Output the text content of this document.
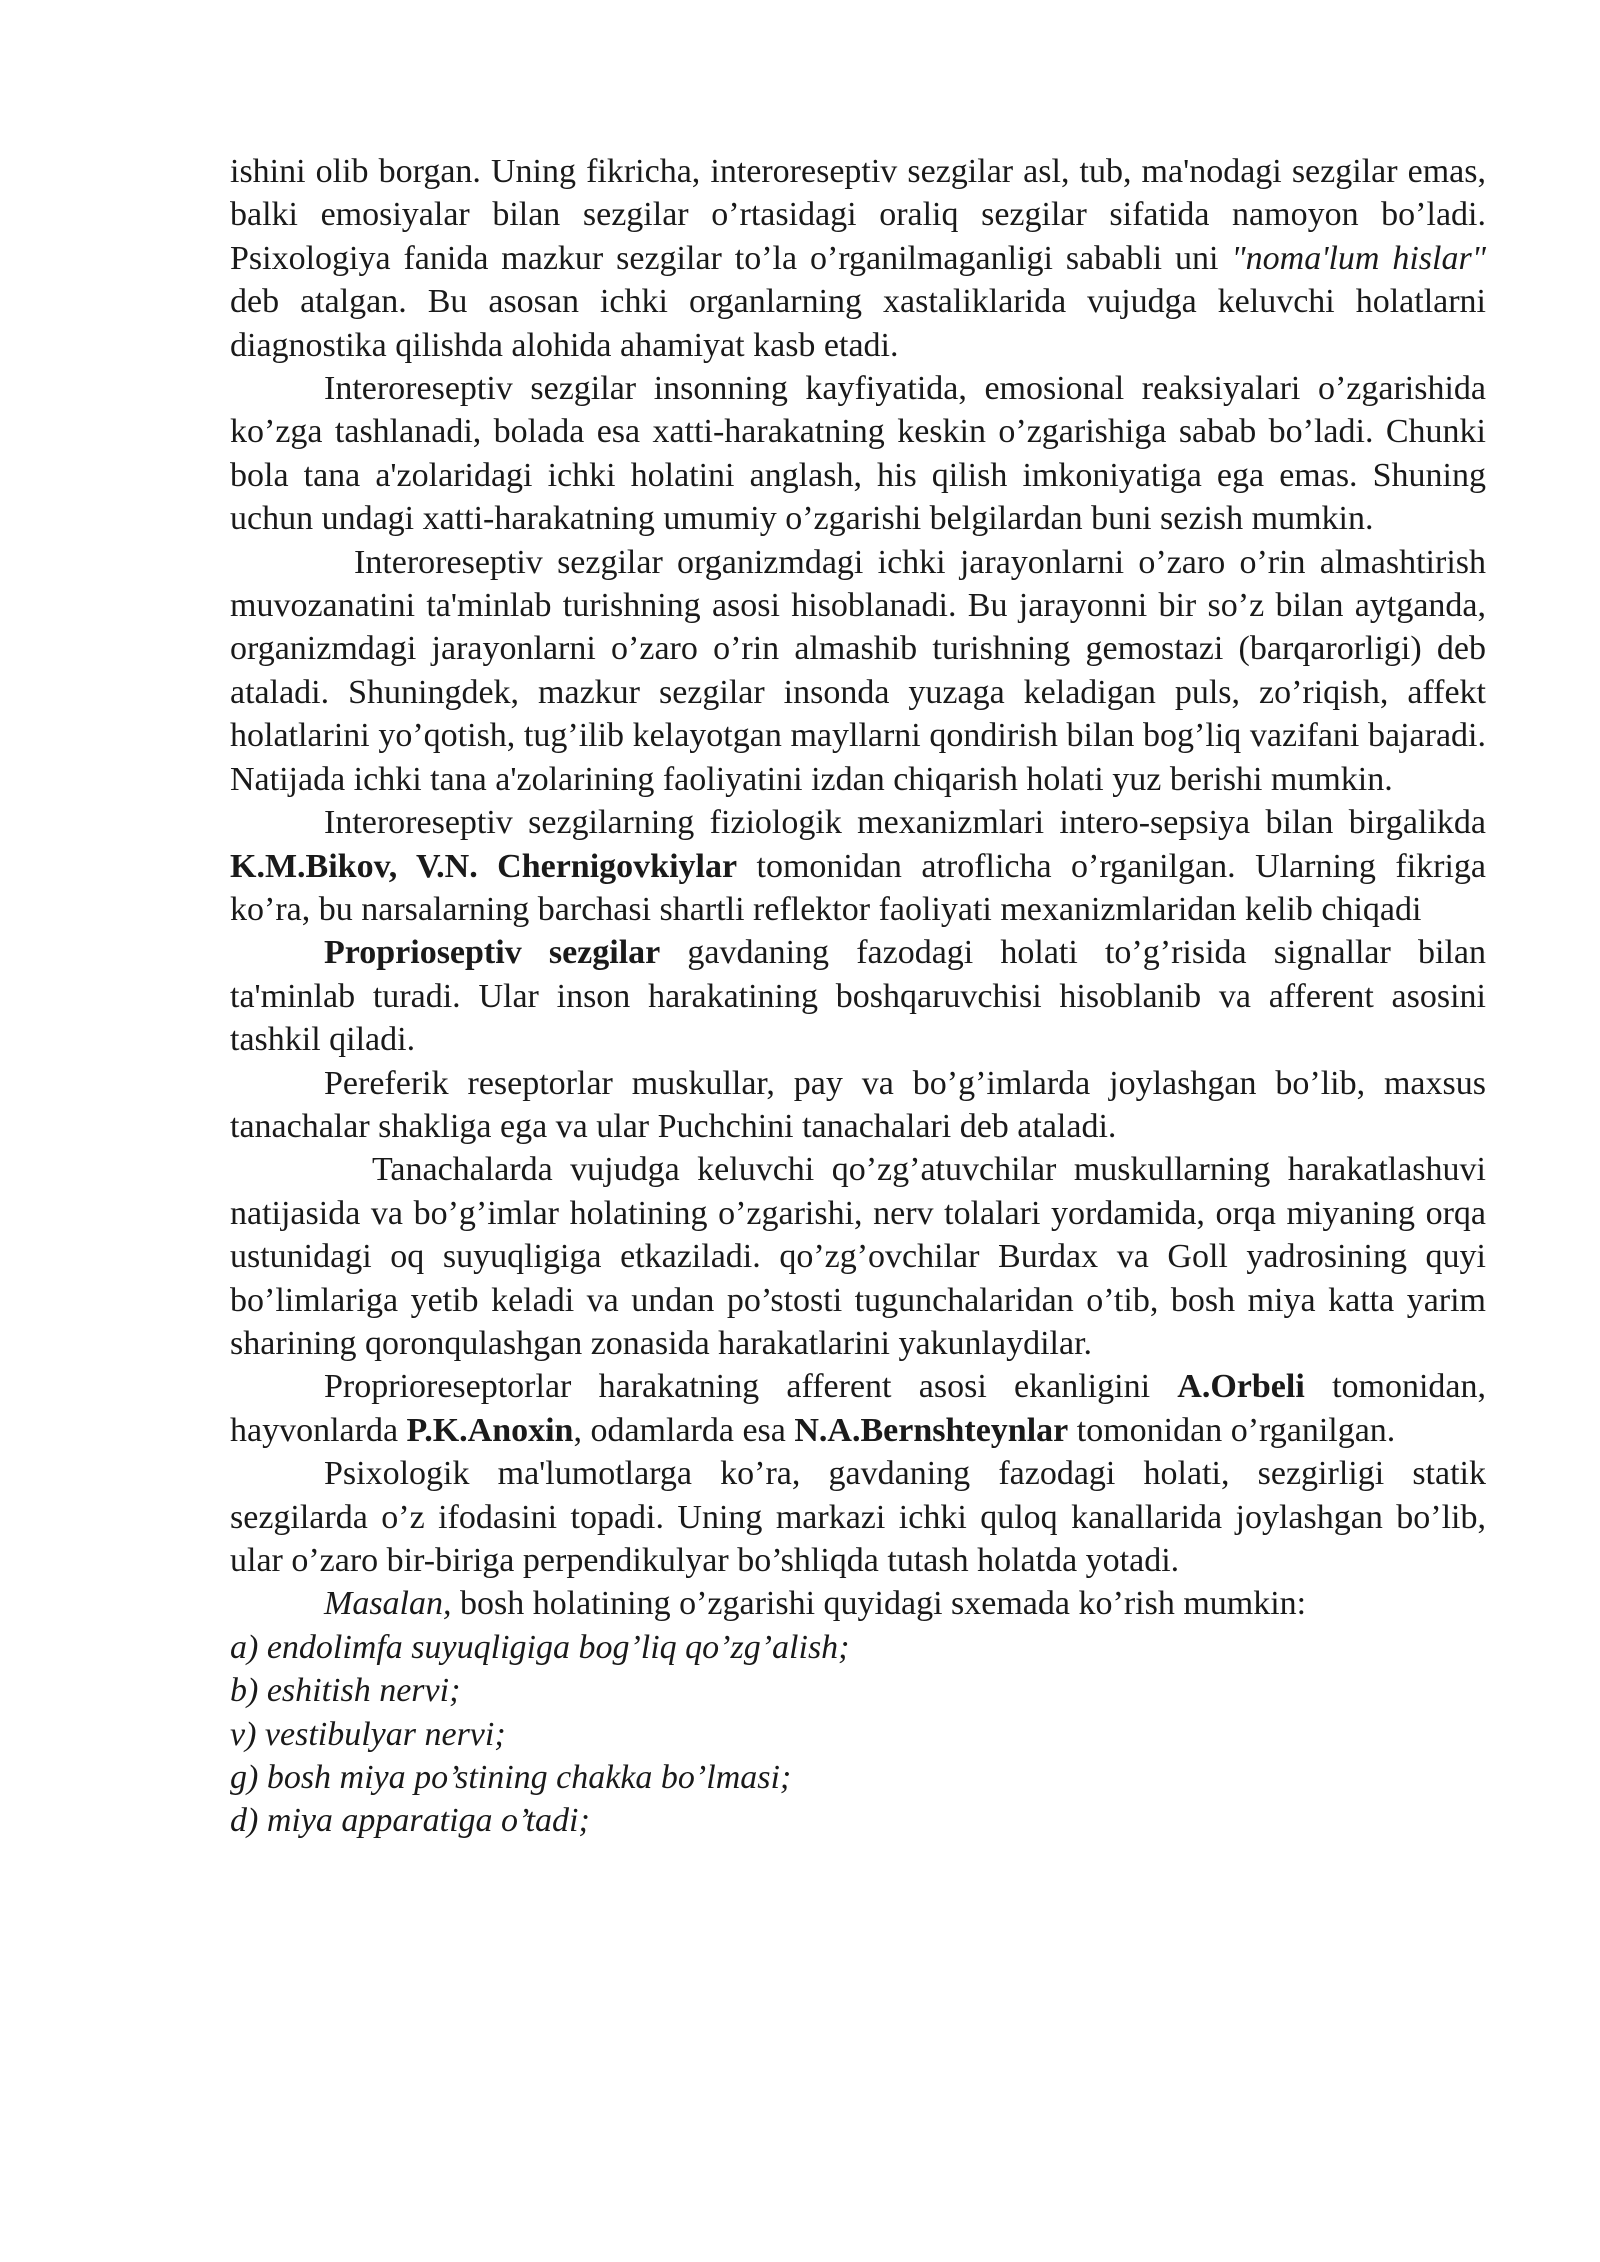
ishini olib borgan. Uning fikricha, interoreseptiv sezgilar asl, tub, ma'nodagi sezgilar emas, balki emosiyalar bilan sezgilar o’rtasidagi oraliq sezgilar sifatida namoyon bo’ladi. Psixologiya fanida mazkur sezgilar to’la o’rganilmaganligi sababli uni "noma'lum hislar" deb atalgan. Bu asosan ichki organlarning xastaliklarida vujudga keluvchi holatlarni diagnostika qilishda alohida ahamiyat kasb etadi.

Interoreseptiv sezgilar insonning kayfiyatida, emosional reaksiyalari o’zgarishida ko’zga tashlanadi, bolada esa xatti-harakatning keskin o’zgarishiga sabab bo’ladi. Chunki bola tana a'zolaridagi ichki holatini anglash, his qilish imkoniyatiga ega emas. Shuning uchun undagi xatti-harakatning umumiy o’zgarishi belgilardan buni sezish mumkin.

Interoreseptiv sezgilar organizmdagi ichki jarayonlarni o’zaro o’rin almashtirish muvozanatini ta'minlab turishning asosi hisoblanadi. Bu jarayonni bir so’z bilan aytganda, organizmdagi jarayonlarni o’zaro o’rin almashib turishning gemostazi (barqarorligi) deb ataladi. Shuningdek, mazkur sezgilar insonda yuzaga keladigan puls, zo’riqish, affekt holatlarini yo’qotish, tug’ilib kelayotgan mayllarni qondirish bilan bog’liq vazifani bajaradi. Natijada ichki tana a'zolarining faoliyatini izdan chiqarish holati yuz berishi mumkin.

Interoreseptiv sezgilarning fiziologik mexanizmlari intero-sepsiya bilan birgalikda K.M.Bikov, V.N. Chernigovkiylar tomonidan atroflicha o’rganilgan. Ularning fikriga ko’ra, bu narsalarning barchasi shartli reflektor faoliyati mexanizmlaridan kelib chiqadi

Proprioseptiv sezgilar gavdaning fazodagi holati to’g’risida signallar bilan ta'minlab turadi. Ular inson harakatining boshqaruvchisi hisoblanib va afferent asosini tashkil qiladi.

Pereferik reseptorlar muskullar, pay va bo’g’imlarda joylashgan bo’lib, maxsus tanachalar shakliga ega va ular Puchchini tanachalari deb ataladi.

Tanachalarda vujudga keluvchi qo’zg’atuvchilar muskullarning harakatlashuvi natijasida va bo’g’imlar holatining o’zgarishi, nerv tolalari yordamida, orqa miyaning orqa ustunidagi oq suyuqligiga etkaziladi. qo’zg’ovchilar Burdax va Goll yadrosining quyi bo’limlariga yetib keladi va undan po’stosti tugunchalaridan o’tib, bosh miya katta yarim sharining qoronqulashgan zonasida harakatlarini yakunlaydilar.

Proprioreseptorlar harakatning afferent asosi ekanligini A.Orbeli tomonidan, hayvonlarda P.K.Anoxin, odamlarda esa N.A.Bernshteynlar tomonidan o’rganilgan.

Psixologik ma'lumotlarga ko’ra, gavdaning fazodagi holati, sezgirligi statik sezgilarda o’z ifodasini topadi. Uning markazi ichki quloq kanallarida joylashgan bo’lib, ular o’zaro bir-biriga perpendikulyar bo’shliqda tutash holatda yotadi.

Masalan, bosh holatining o’zgarishi quyidagi sxemada ko’rish mumkin:

a) endolimfa suyuqligiga bog’liq qo’zg’alish;

b) eshitish nervi;

v) vestibulyar nervi;

g) bosh miya po’stining chakka bo’lmasi;

d) miya apparatiga o’tadi;
